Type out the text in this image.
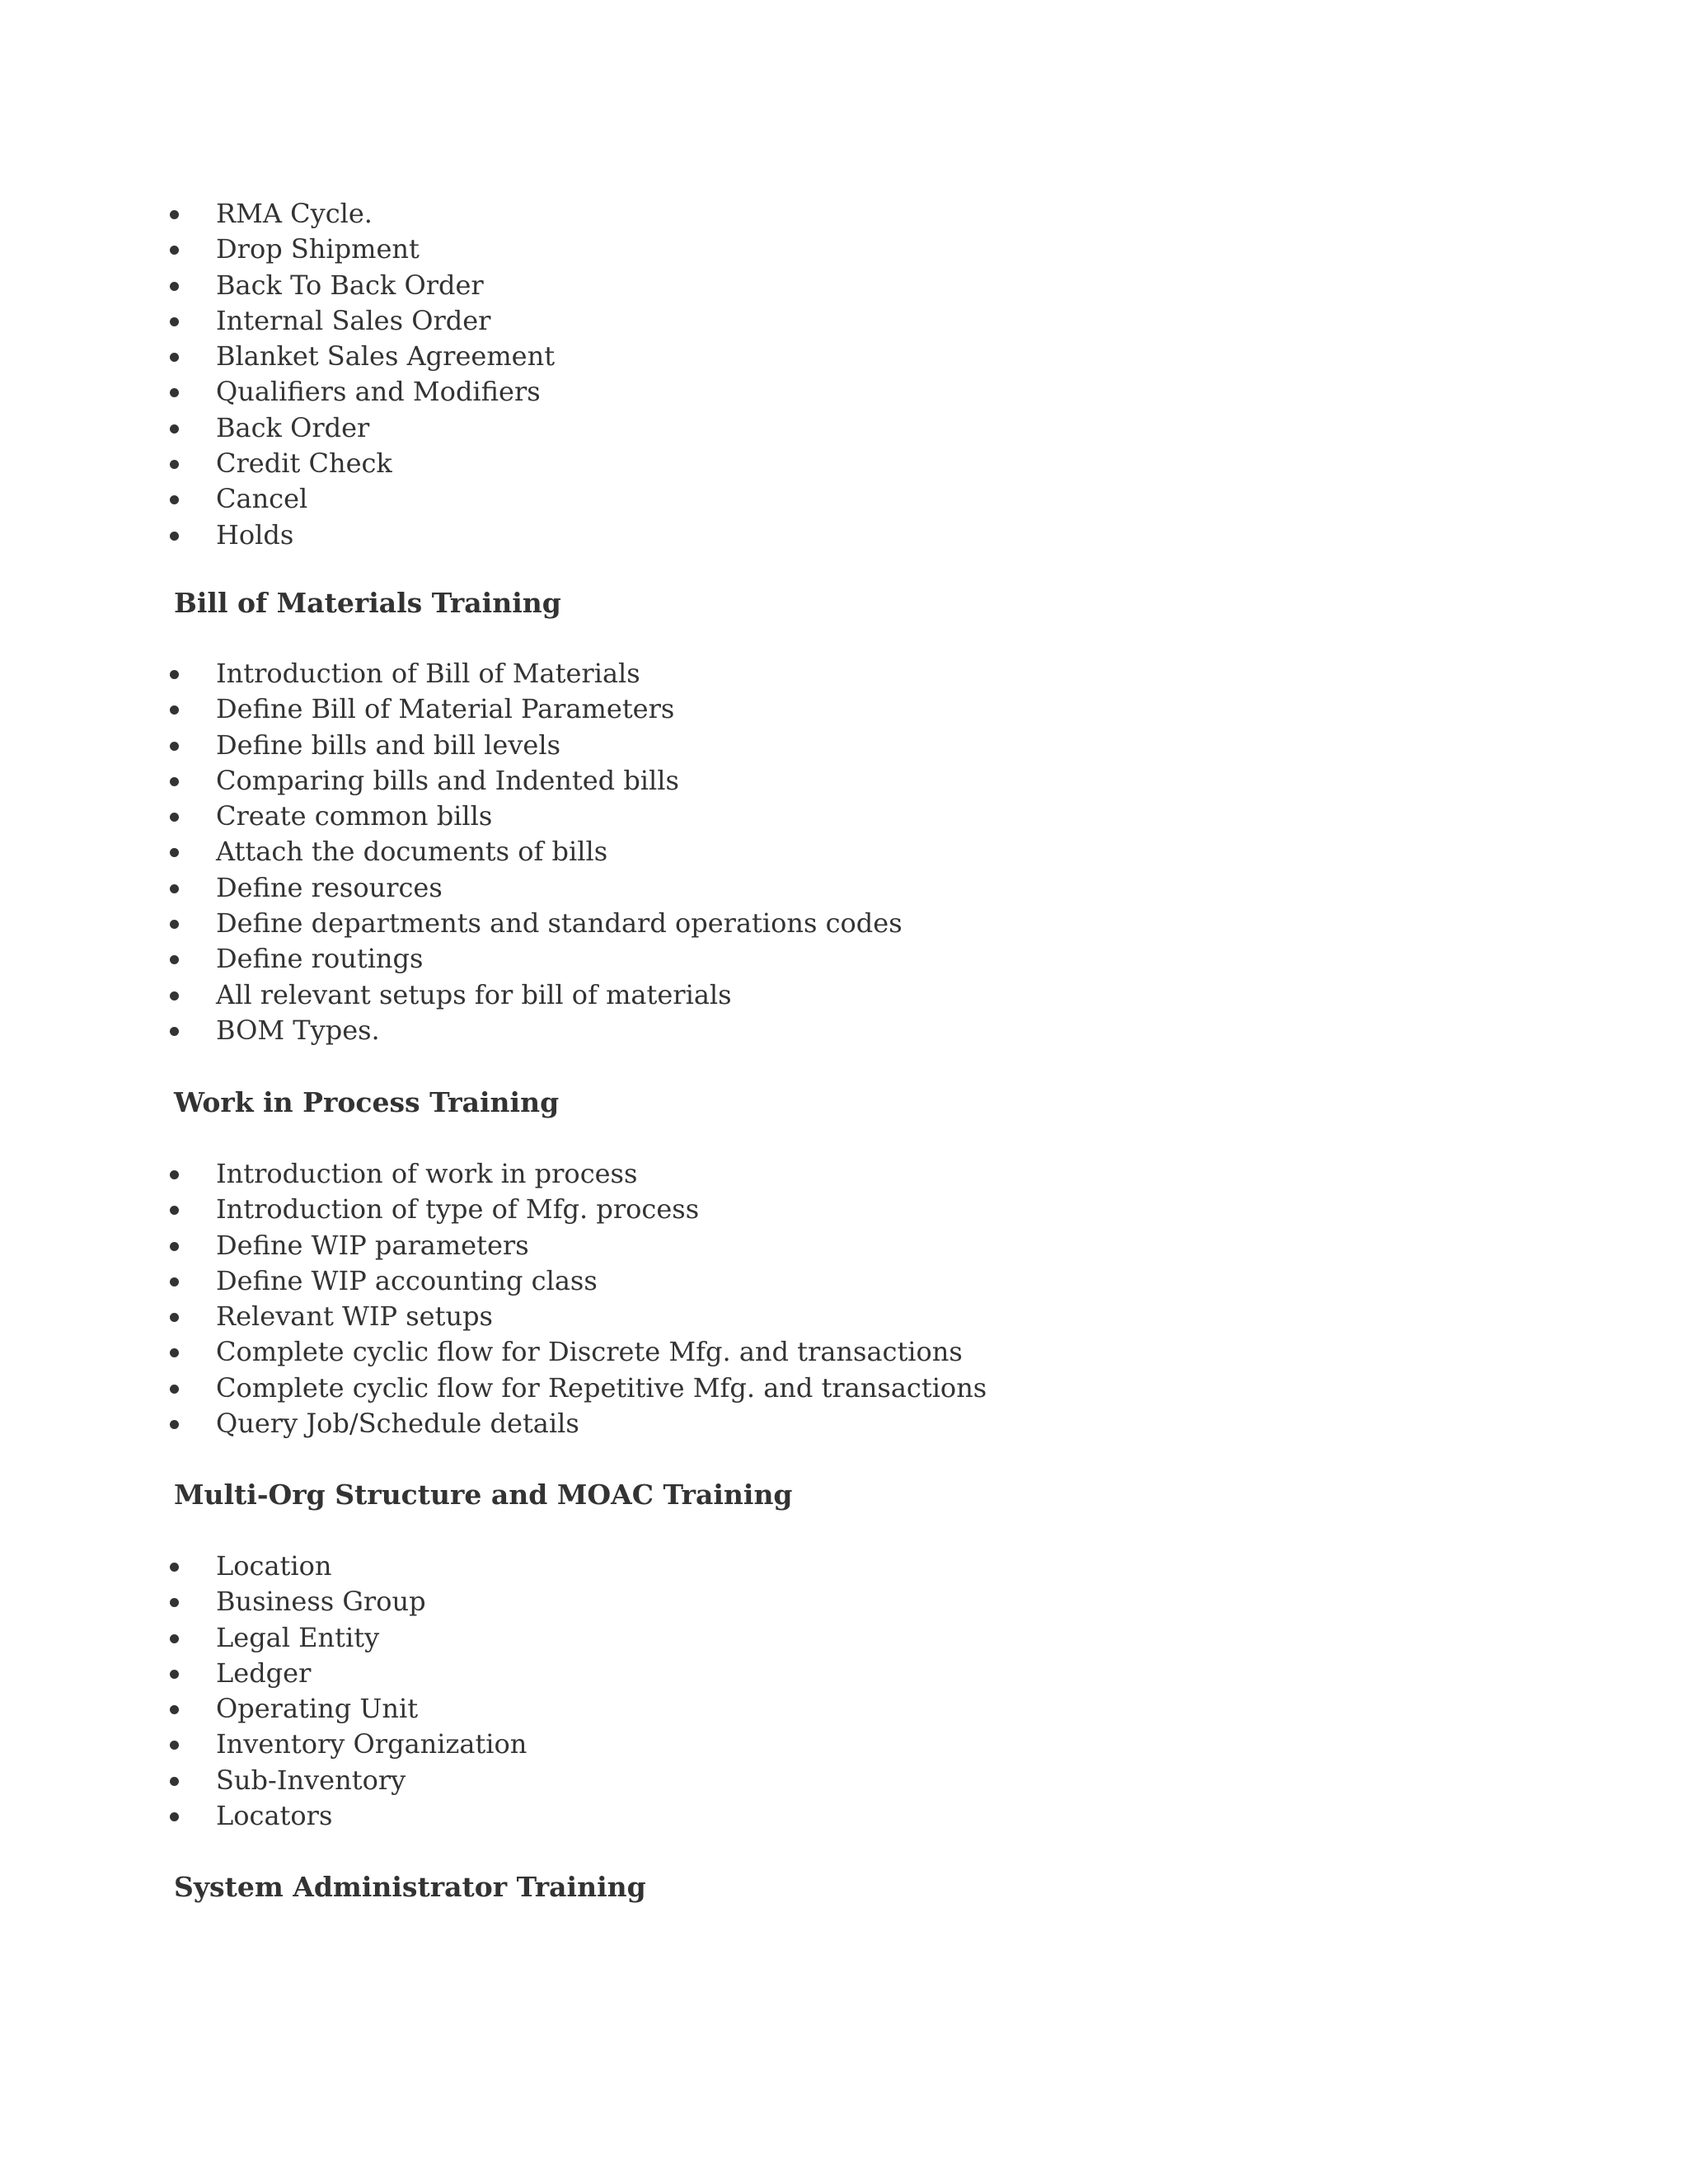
RMA Cycle.
Drop Shipment
Back To Back Order
Internal Sales Order
Blanket Sales Agreement
Qualifiers and Modifiers
Back Order
Credit Check
Cancel
Holds
Bill of Materials Training
Introduction of Bill of Materials
Define Bill of Material Parameters
Define bills and bill levels
Comparing bills and Indented bills
Create common bills
Attach the documents of bills
Define resources
Define departments and standard operations codes
Define routings
All relevant setups for bill of materials
BOM Types.
Work in Process Training
Introduction of work in process
Introduction of type of Mfg. process
Define WIP parameters
Define WIP accounting class
Relevant WIP setups
Complete cyclic flow for Discrete Mfg. and transactions
Complete cyclic flow for Repetitive Mfg. and transactions
Query Job/Schedule details
Multi-Org Structure and MOAC Training
Location
Business Group
Legal Entity
Ledger
Operating Unit
Inventory Organization
Sub-Inventory
Locators
System Administrator Training
